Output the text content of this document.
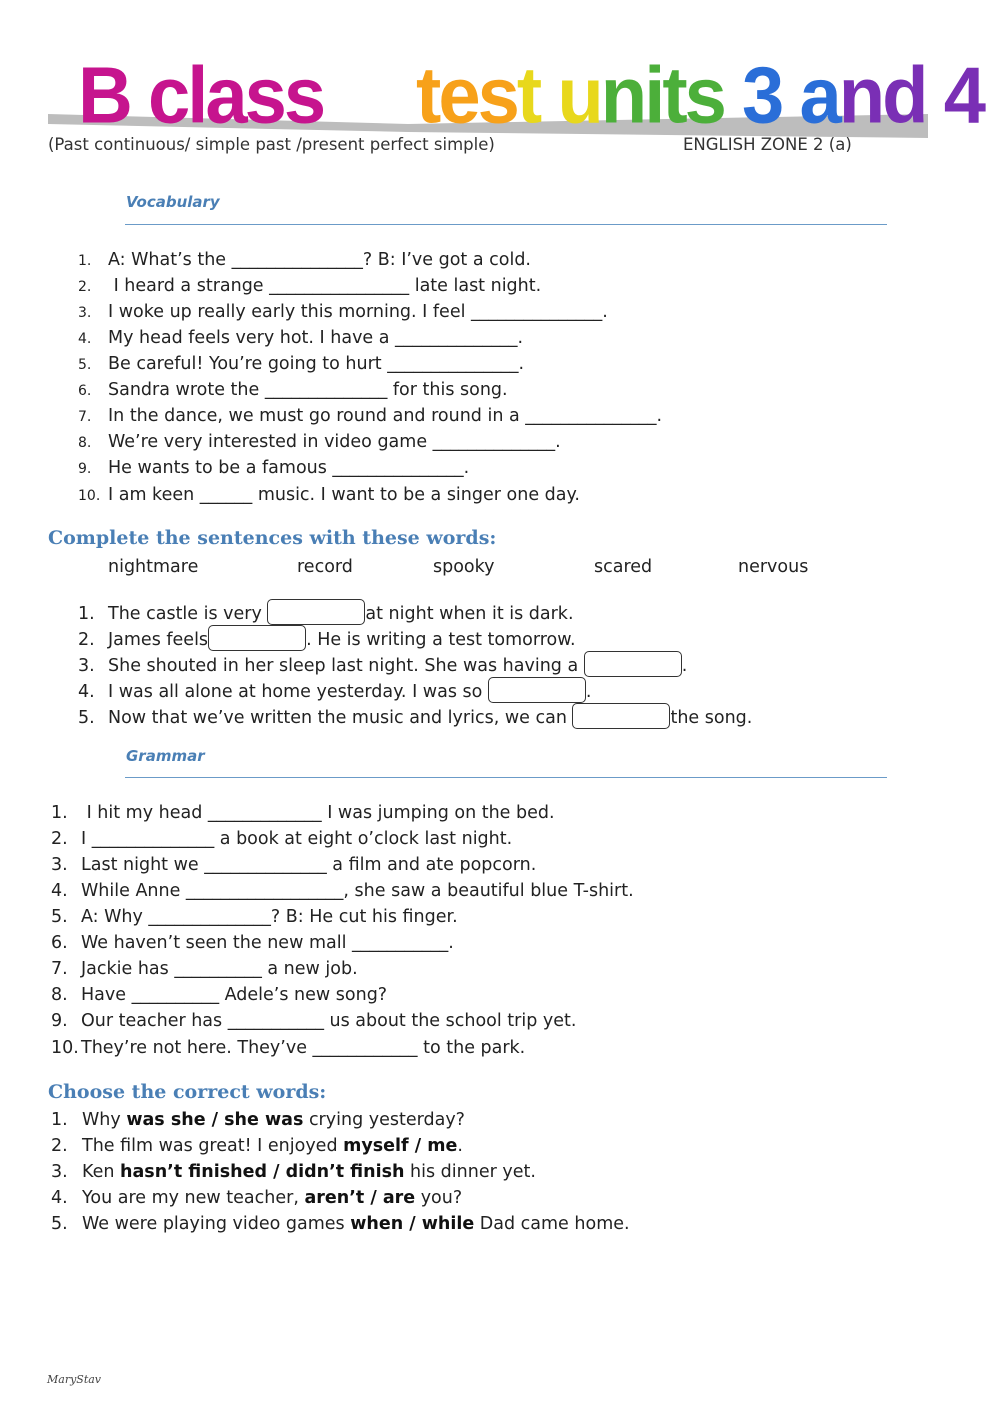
B class test units 3 and 4
(Past continuous/ simple past /present perfect simple)	ENGLISH ZONE 2 (a)
Vocabulary
1. A: What’s the _______________? B: I’ve got a cold.
2. I heard a strange ________________ late last night.
3. I woke up really early this morning. I feel _______________.
4. My head feels very hot. I have a ______________.
5. Be careful! You’re going to hurt _______________.
6. Sandra wrote the ______________ for this song.
7. In the dance, we must go round and round in a _______________.
8. We’re very interested in video game ______________.
9. He wants to be a famous _______________.
10. I am keen ______ music. I want to be a singer one day.
Complete the sentences with these words:
nightmare	record	spooky	scared	nervous
1. The castle is very	at night when it is dark.
2. James feels	. He is writing a test tomorrow.
3. She shouted in her sleep last night. She was having a	.
4. I was all alone at home yesterday. I was so	.
5. Now that we’ve written the music and lyrics, we can	the song.
Grammar
1. I hit my head _____________ I was jumping on the bed.
2. I ______________ a book at eight o’clock last night.
3. Last night we ______________ a film and ate popcorn.
4. While Anne __________________, she saw a beautiful blue T-shirt.
5. A: Why ______________? B: He cut his finger.
6. We haven’t seen the new mall ___________.
7. Jackie has __________ a new job.
8. Have __________ Adele’s new song?
9. Our teacher has ___________ us about the school trip yet.
10. They’re not here. They’ve ____________ to the park.
Choose the correct words:
1. Why was she / she was crying yesterday?
2. The film was great! I enjoyed myself / me.
3. Ken hasn’t finished / didn’t finish his dinner yet.
4. You are my new teacher, aren’t / are you?
5. We were playing video games when / while Dad came home.
MaryStav
